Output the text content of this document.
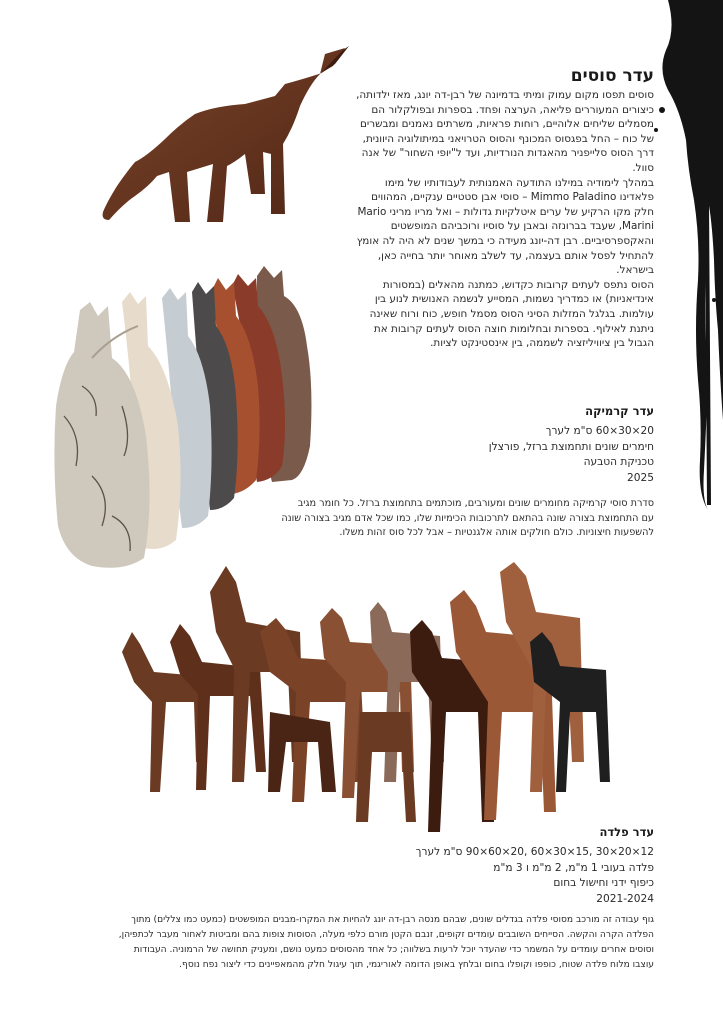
עדר סוסים
סוסים תפסו מקום עמוק ומיתי בדמיונה של רבן-דה יונג, מאז ילדותה,
כיצורים המעוררים פליאה, הערצה ופחד. בספרות ובפולקלור הם
מסמלים שליחים אלוהיים, רוחות פראיות, משרתים נאמנים ומבשרים
של כוח – החל בפגסוס המכונף והסוס הטרויאני במיתולוגיה היוונית,
דרך הסוס סלייפניר מהאגדות הנורדיות, ועד ל"יופי השחור" של אנה
סוול.
במהלך לימודיה במילנו התודעה האמנותית לעבודותיו של מימו
פלאדינו Mimmo Paladino – סוסי אבן סטטיים ענקיים, המהווים
חלק מקו הרקיע של ערים איטלקיות גדולות – ואל מריו מריני Mario
Marini, שעבד בברונזה ובאבן על סוסיו ורוכביהם המופשטים
והאקספרסיביים. רבן דה-יונג מעידה כי במשך שנים לא היה לה אומץ
להתחיל לפסל אותם בעצמה, עד לשלב מאוחר יותר בחייה כאן,
בישראל.
הסוס נתפס לעתים קרובות כקדוש, כמתנה מהאלים (במסורות
אינדיאניות) או כמדריך נשמות, המסייע לנשמה האנושית לנוע בין
עולמות. בגלגל המזלות הסיני הסוס מסמל חופש, כוח ורוח שאינה
ניתנת לאילוף. בספרות ובחלומות חוצה הסוס לעתים קרובות את
הגבול בין ציוויליזציה לשממה, בין אינסטינקט לציות.
עדר קרמיקה
20×30×60 ס"מ לערך
חימרים שונים ותחמוצת ברזל, פורצלן
טכניקת הטבעה
2025
סדרת סוסי קרמיקה מחומרים שונים ומעורבים, מוכתמים בתחמוצת ברזל. כל חומר מגיב
עם התחמוצת בצורה שונה בהתאם לתרכובות הכימיות שלו, כמו שכל אדם מגיב בצורה שונה
להשפעות חיצוניות. כולם חולקים אותה אלגנטיות – אבל לכל סוס זהות משלו.
עדר פלדה
12×20×30 ,15×30×60 ,20×60×90 ס"מ לערך
פלדה בעובי 1 מ"מ, 2 מ"מ ו 3 מ"מ
כיפוף ידני וחישול בחום
2021-2024
גוף עבודה זה מורכב מסוסי פלדה בגדלים שונים, שבהם מנסה רבן-דה יונג להחיות את המקרו-מבנים המופשטים (כמעט כמו צללים) מתוך
הפלדה הקרה והקשה. הסייחים השובבים עומדים זקופים, זנבם הקטן מורם כלפי מעלה, הסוסות צופות בהם ומביטות לאחור מעבר לכתפיהן,
וסוסים אחרים עומדים על המשמר כדי שהעדר יוכל לרעות בשלווה; כל אחד מהסוסים כמעט נושם, ומעניק תחושה של הרמוניה. העבודות
עוצבו מלוח פלדה שטוח, כופפו וקופלו בחום ובלחץ באופן הדומה לאוריגמי, תוך עיגול חלק מהמאפיינים כדי ליצור נפח נוסף.
